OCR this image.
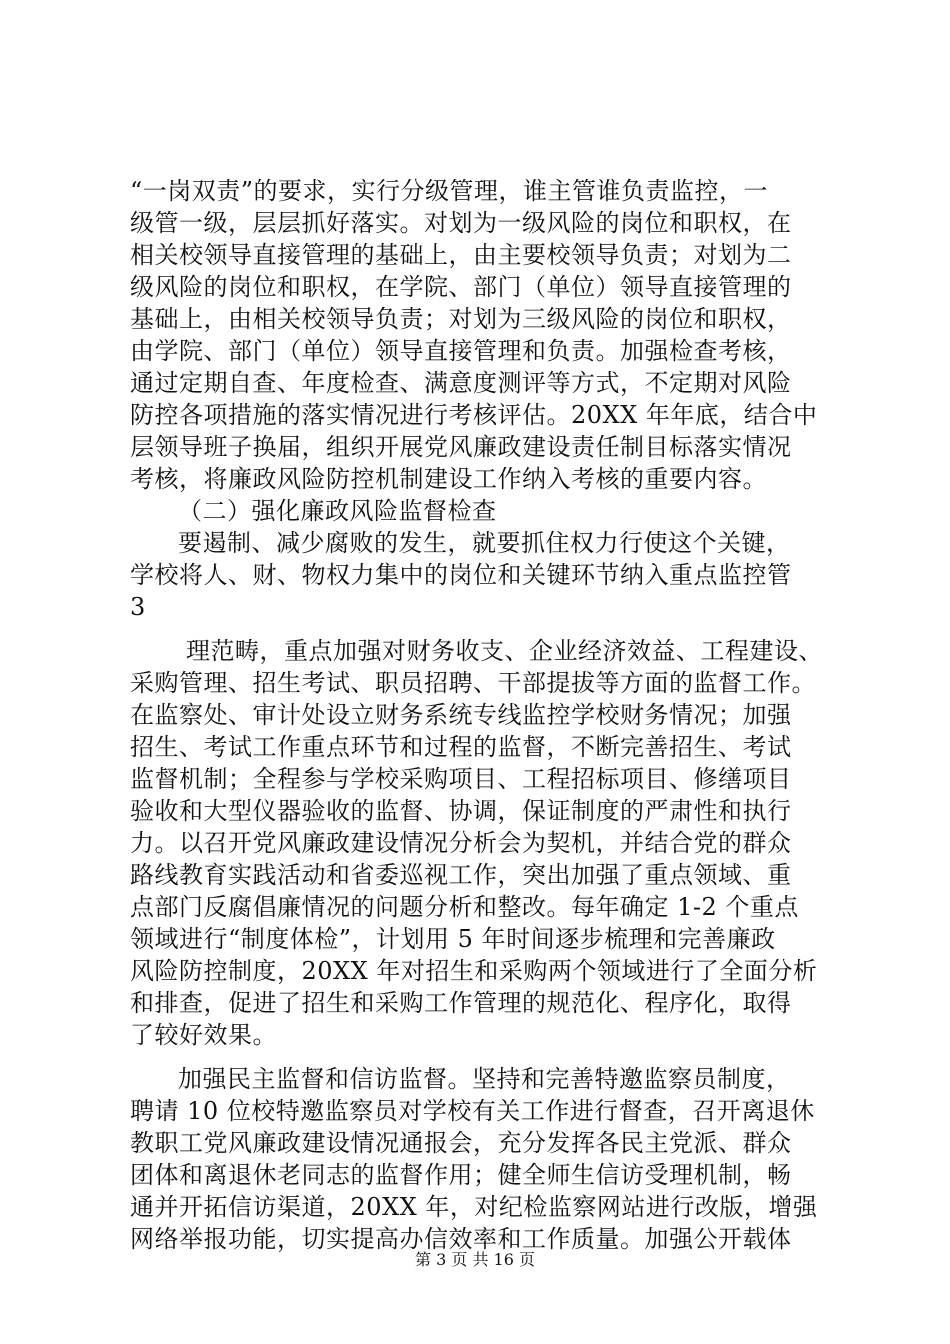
“一岗双责”的要求，实行分级管理，谁主管谁负责监控，一
级管一级，层层抓好落实。对划为一级风险的岗位和职权，在
相关校领导直接管理的基础上，由主要校领导负责；对划为二
级风险的岗位和职权，在学院、部门（单位）领导直接管理的
基础上，由相关校领导负责；对划为三级风险的岗位和职权，
由学院、部门（单位）领导直接管理和负责。加强检查考核，
通过定期自查、年度检查、满意度测评等方式，不定期对风险
防控各项措施的落实情况进行考核评估。20XX 年年底，结合中
层领导班子换届，组织开展党风廉政建设责任制目标落实情况
考核，将廉政风险防控机制建设工作纳入考核的重要内容。
（二）强化廉政风险监督检查
要遏制、减少腐败的发生，就要抓住权力行使这个关键，
学校将人、财、物权力集中的岗位和关键环节纳入重点监控管
3
理范畴，重点加强对财务收支、企业经济效益、工程建设、
采购管理、招生考试、职员招聘、干部提拔等方面的监督工作。
在监察处、审计处设立财务系统专线监控学校财务情况；加强
招生、考试工作重点环节和过程的监督，不断完善招生、考试
监督机制；全程参与学校采购项目、工程招标项目、修缮项目
验收和大型仪器验收的监督、协调，保证制度的严肃性和执行
力。以召开党风廉政建设情况分析会为契机，并结合党的群众
路线教育实践活动和省委巡视工作，突出加强了重点领域、重
点部门反腐倡廉情况的问题分析和整改。每年确定 1-2 个重点
领域进行“制度体检”，计划用 5 年时间逐步梳理和完善廉政
风险防控制度，20XX 年对招生和采购两个领域进行了全面分析
和排查，促进了招生和采购工作管理的规范化、程序化，取得
了较好效果。
加强民主监督和信访监督。坚持和完善特邀监察员制度，
聘请 10 位校特邀监察员对学校有关工作进行督查，召开离退休
教职工党风廉政建设情况通报会，充分发挥各民主党派、群众
团体和离退休老同志的监督作用；健全师生信访受理机制，畅
通并开拓信访渠道，20XX 年，对纪检监察网站进行改版，增强
网络举报功能，切实提高办信效率和工作质量。加强公开载体
第 3 页 共 16 页
